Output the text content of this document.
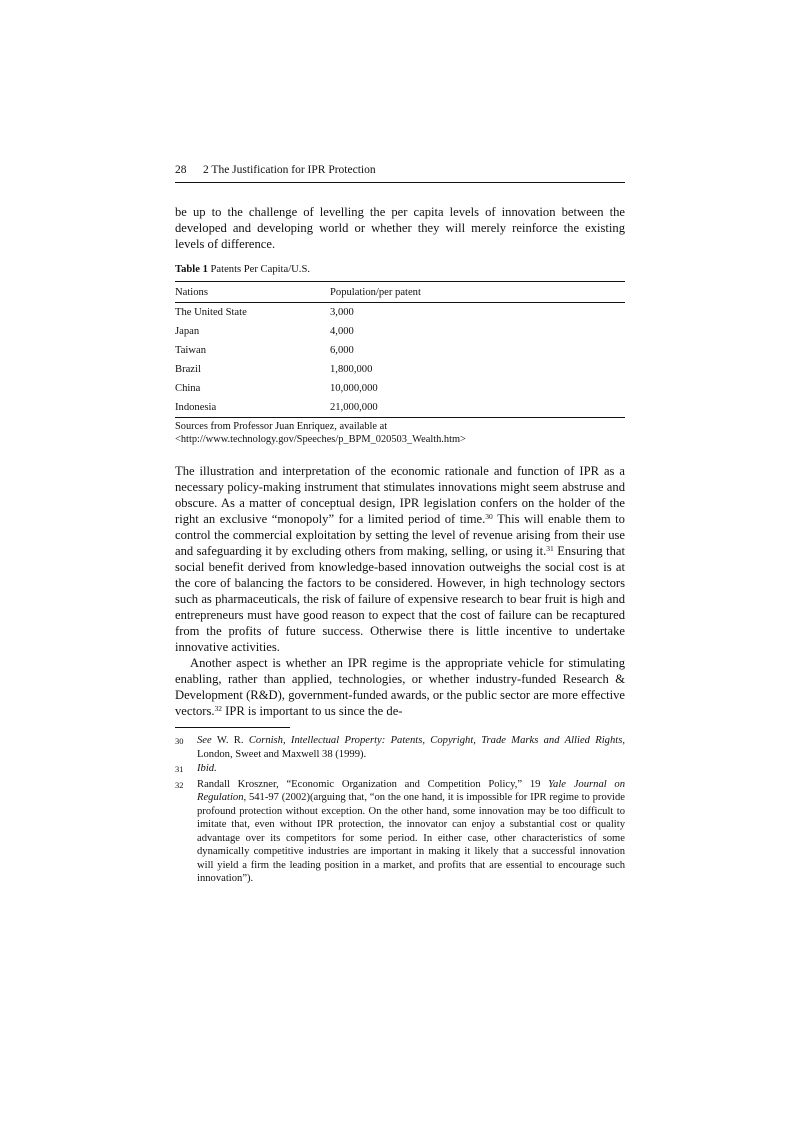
28 2 The Justification for IPR Protection
be up to the challenge of levelling the per capita levels of innovation between the developed and developing world or whether they will merely reinforce the existing levels of difference.
Table 1 Patents Per Capita/U.S.
Nations	Population/per patent
The United State	3,000
Japan	4,000
Taiwan	6,000
Brazil	1,800,000
China	10,000,000
Indonesia	21,000,000
Sources from Professor Juan Enriquez, available at <http://www.technology.gov/Speeches/p_BPM_020503_Wealth.htm>

The illustration and interpretation of the economic rationale and function of IPR as a necessary policy-making instrument that stimulates innovations might seem abstruse and obscure. As a matter of conceptual design, IPR legislation confers on the holder of the right an exclusive “monopoly” for a limited period of time.$^{30}$ This will enable them to control the commercial exploitation by setting the level of revenue arising from their use and safeguarding it by excluding others from making, selling, or using it.$^{31}$ Ensuring that social benefit derived from knowledge-based innovation outweighs the social cost is at the core of balancing the factors to be considered. However, in high technology sectors such as pharmaceuticals, the risk of failure of expensive research to bear fruit is high and entrepreneurs must have good reason to expect that the cost of failure can be recaptured from the profits of future success. Otherwise there is little incentive to undertake innovative activities.

Another aspect is whether an IPR regime is the appropriate vehicle for stimulating enabling, rather than applied, technologies, or whether industry-funded Research & Development (R&D), government-funded awards, or the public sector are more effective vectors.$^{32}$ IPR is important to us since the de-

30	See W. R. Cornish, Intellectual Property: Patents, Copyright, Trade Marks and Allied Rights, London, Sweet and Maxwell 38 (1999).
31	Ibid.
32	Randall Kroszner, “Economic Organization and Competition Policy,” 19 Yale Journal on Regulation, 541-97 (2002)(arguing that, “on the one hand, it is impossible for IPR regime to provide profound protection without exception. On the other hand, some innovation may be too difficult to imitate that, even without IPR protection, the innovator can enjoy a substantial cost or quality advantage over its competitors for some period. In either case, other characteristics of some dynamically competitive industries are important in making it likely that a successful innovation will yield a firm the leading position in a market, and profits that are essential to encourage such innovation”).
